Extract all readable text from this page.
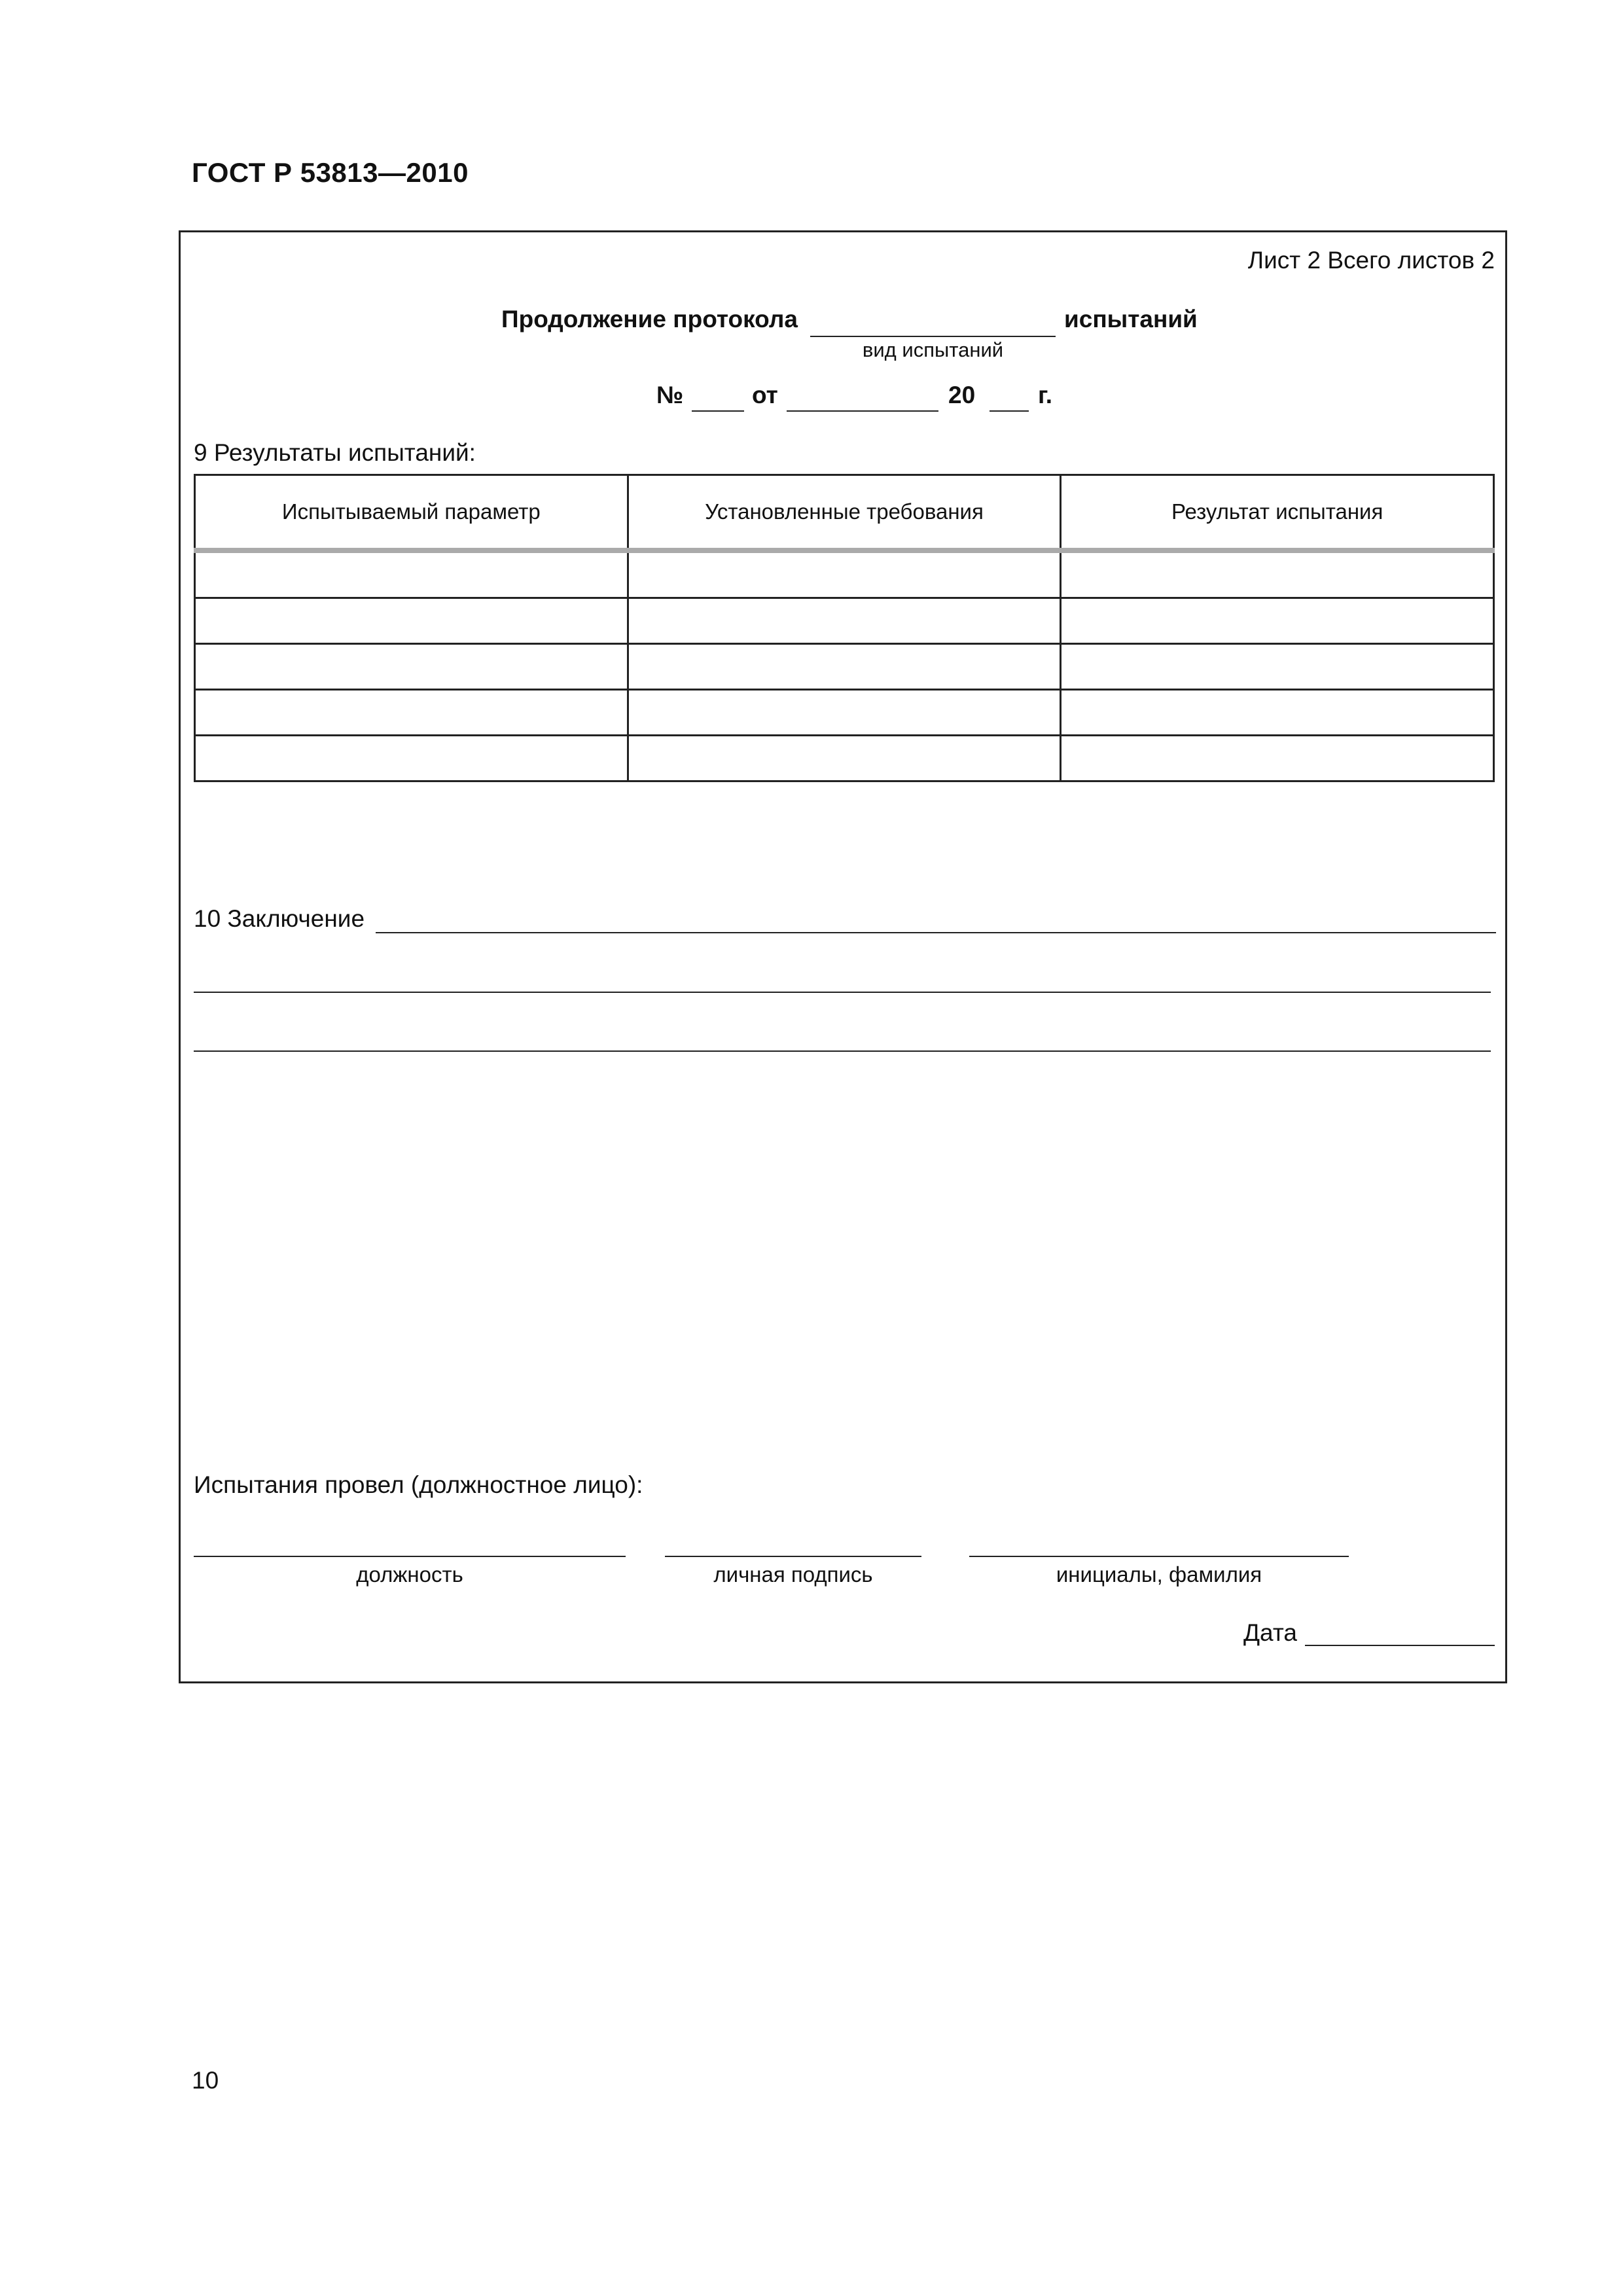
ГОСТ Р 53813—2010
Лист 2 Всего листов 2
Продолжение протокола	испытаний
вид испытаний
№	от	20	г.
9 Результаты испытаний:
Испытываемый параметр	Установленные требования	Результат испытания

10 Заключение
Испытания провел (должностное лицо):
должность	личная подпись	инициалы, фамилия
Дата
10
